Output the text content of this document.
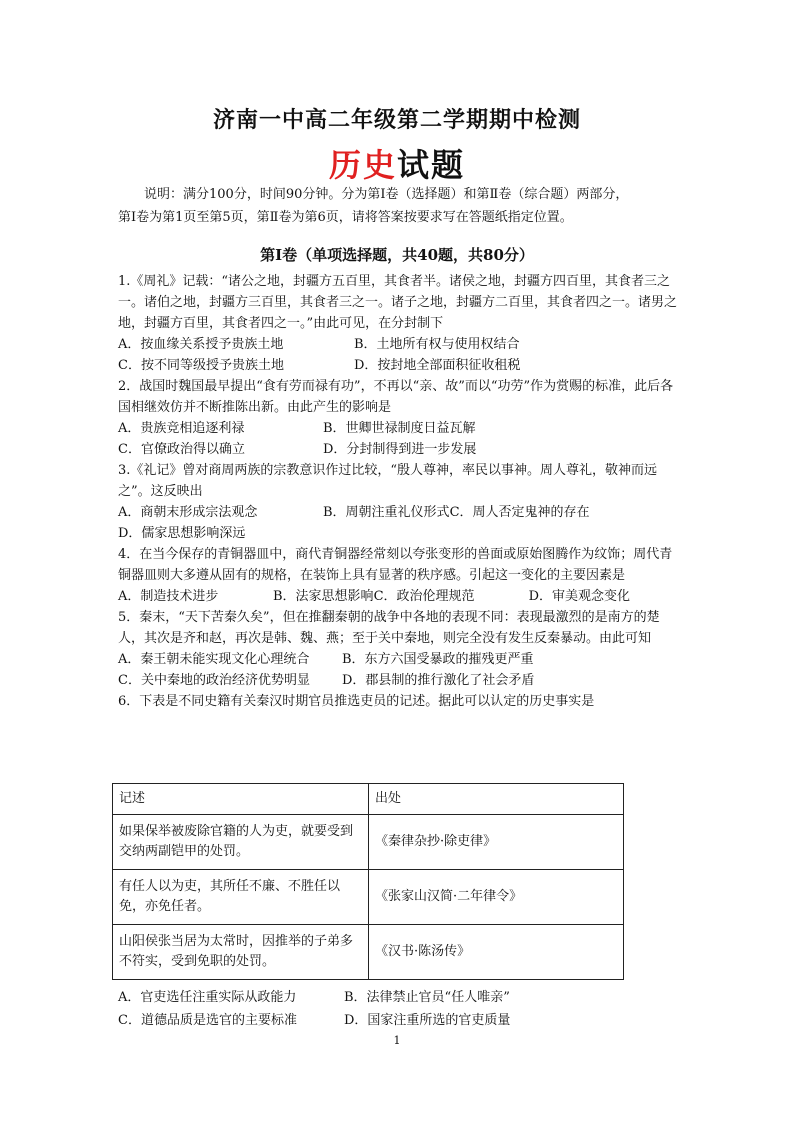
济南一中高二年级第二学期期中检测
历史试题
说明：满分100分，时间90分钟。分为第Ⅰ卷（选择题）和第Ⅱ卷（综合题）两部分，
第Ⅰ卷为第1页至第5页，第Ⅱ卷为第6页，请将答案按要求写在答题纸指定位置。
第Ⅰ卷（单项选择题，共40题，共80分）
1.《周礼》记载：“诸公之地，封疆方五百里，其食者半。诸侯之地，封疆方四百里，其食者三之一。诸伯之地，封疆方三百里，其食者三之一。诸子之地，封疆方二百里，其食者四之一。诸男之地，封疆方百里，其食者四之一。”由此可见，在分封制下
A．按血缘关系授予贵族土地	B．土地所有权与使用权结合
C．按不同等级授予贵族土地	D．按封地全部面积征收租税
2．战国时魏国最早提出“食有劳而禄有功”，不再以“亲、故”而以“功劳”作为赏赐的标准，此后各国相继效仿并不断推陈出新。由此产生的影响是
A．贵族竞相追逐利禄	B．世卿世禄制度日益瓦解
C．官僚政治得以确立	D．分封制得到进一步发展
3.《礼记》曾对商周两族的宗教意识作过比较，“殷人尊神，率民以事神。周人尊礼，敬神而远之”。这反映出
A．商朝末形成宗法观念	B．周朝注重礼仪形式 C．周人否定鬼神的存在
D．儒家思想影响深远
4．在当今保存的青铜器皿中，商代青铜器经常刻以夸张变形的兽面或原始图腾作为纹饰；周代青铜器皿则大多遵从固有的规格，在装饰上具有显著的秩序感。引起这一变化的主要因素是
A．制造技术进步	B．法家思想影响 C．政治伦理规范	D．审美观念变化
5．秦末，“天下苦秦久矣”，但在推翻秦朝的战争中各地的表现不同：表现最激烈的是南方的楚人，其次是齐和赵，再次是韩、魏、燕；至于关中秦地，则完全没有发生反秦暴动。由此可知
A．秦王朝未能实现文化心理统合	B．东方六国受暴政的摧残更严重
C．关中秦地的政治经济优势明显	D．郡县制的推行激化了社会矛盾
6．下表是不同史籍有关秦汉时期官员推选吏员的记述。据此可以认定的历史事实是
记述	出处
如果保举被废除官籍的人为吏，就要受到交纳两副铠甲的处罚。	《秦律杂抄·除吏律》
有任人以为吏，其所任不廉、不胜任以免，亦免任者。	《张家山汉简·二年律令》
山阳侯张当居为太常时，因推举的子弟多不符实，受到免职的处罚。	《汉书·陈汤传》
A．官吏选任注重实际从政能力	B．法律禁止官员“任人唯亲”
C．道德品质是选官的主要标准	D．国家注重所选的官吏质量
1
